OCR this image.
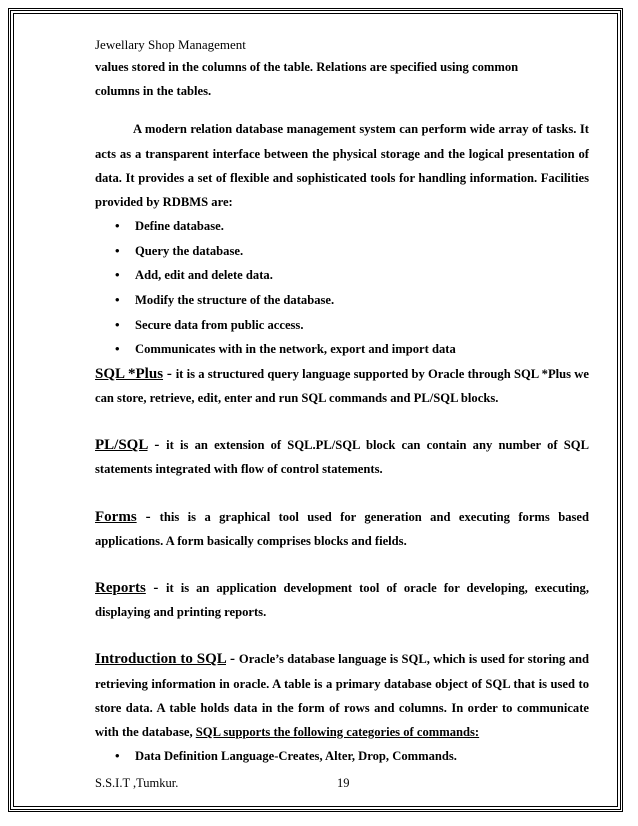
Jewellary Shop Management

values stored in the columns of the table. Relations are specified using common
columns in the tables.

A modern relation database management system can perform wide array of tasks. It acts as a transparent interface between the physical storage and the logical presentation of data. It provides a set of flexible and sophisticated tools for handling information. Facilities provided by RDBMS are:

• Define database.
• Query the database.
• Add, edit and delete data.
• Modify the structure of the database.
• Secure data from public access.
• Communicates with in the network, export and import data

SQL *Plus - it is a structured query language supported by Oracle through SQL *Plus we can store, retrieve, edit, enter and run SQL commands and PL/SQL blocks.

PL/SQL - it is an extension of SQL.PL/SQL block can contain any number of SQL statements integrated with flow of control statements.

Forms - this is a graphical tool used for generation and executing forms based applications. A form basically comprises blocks and fields.

Reports - it is an application development tool of oracle for developing, executing, displaying and printing reports.

Introduction to SQL - Oracle’s database language is SQL, which is used for storing and retrieving information in oracle. A table is a primary database object of SQL that is used to store data. A table holds data in the form of rows and columns. In order to communicate with the database, SQL supports the following categories of commands:

• Data Definition Language-Creates, Alter, Drop, Commands.
S.S.I.T ,Tumkur.	19
